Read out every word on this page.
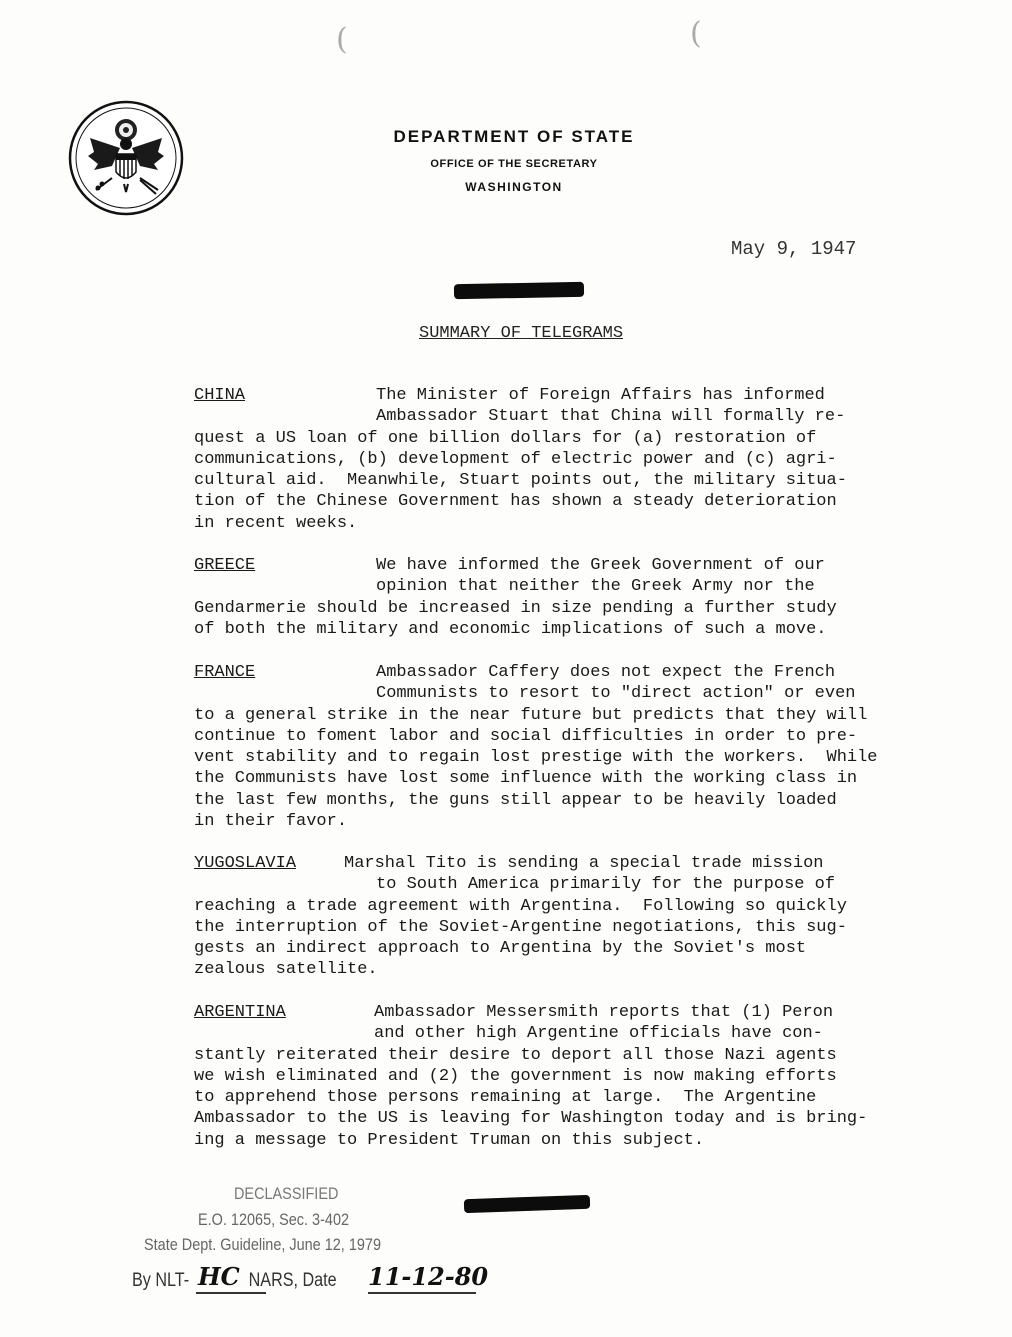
DEPARTMENT OF STATE
OFFICE OF THE SECRETARY
WASHINGTON
May 9, 1947
SUMMARY OF TELEGRAMS
CHINA	The Minister of Foreign Affairs has informed
Ambassador Stuart that China will formally re-
quest a US loan of one billion dollars for (a) restoration of
communications, (b) development of electric power and (c) agri-
cultural aid.  Meanwhile, Stuart points out, the military situa-
tion of the Chinese Government has shown a steady deterioration
in recent weeks.
GREECE	We have informed the Greek Government of our
opinion that neither the Greek Army nor the
Gendarmerie should be increased in size pending a further study
of both the military and economic implications of such a move.
FRANCE	Ambassador Caffery does not expect the French
Communists to resort to "direct action" or even
to a general strike in the near future but predicts that they will
continue to foment labor and social difficulties in order to pre-
vent stability and to regain lost prestige with the workers.  While
the Communists have lost some influence with the working class in
the last few months, the guns still appear to be heavily loaded
in their favor.
YUGOSLAVIA	Marshal Tito is sending a special trade mission
to South America primarily for the purpose of
reaching a trade agreement with Argentina.  Following so quickly
the interruption of the Soviet-Argentine negotiations, this sug-
gests an indirect approach to Argentina by the Soviet's most
zealous satellite.
ARGENTINA	Ambassador Messersmith reports that (1) Peron
and other high Argentine officials have con-
stantly reiterated their desire to deport all those Nazi agents
we wish eliminated and (2) the government is now making efforts
to apprehend those persons remaining at large.  The Argentine
Ambassador to the US is leaving for Washington today and is bring-
ing a message to President Truman on this subject.
DECLASSIFIED
E.O. 12065, Sec. 3-402
State Dept. Guideline, June 12, 1979
By NLT-	NARS, Date
HC	11-12-80
(	(
